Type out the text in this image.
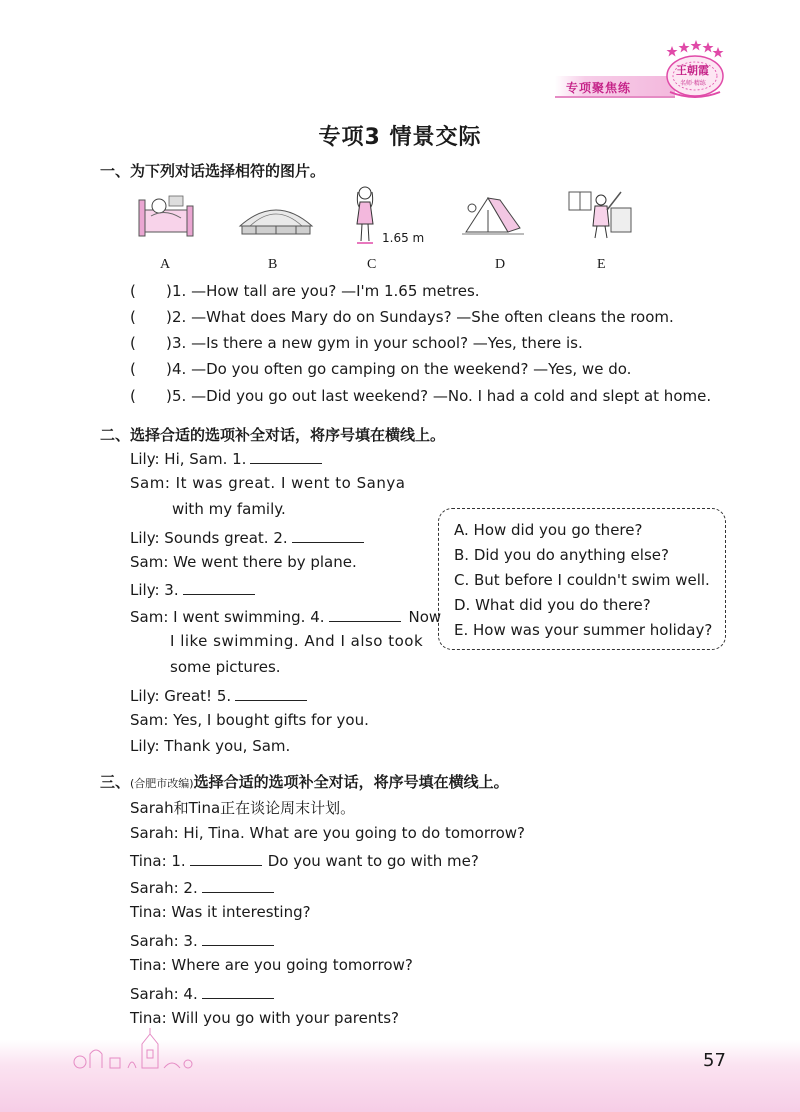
专项聚焦练
王朝霞
名师·精练
专项3 情景交际
一、为下列对话选择相符的图片。
1.65 m
A	B	C	D	E
( ) 1. —How tall are you? —I'm 1.65 metres.
( ) 2. —What does Mary do on Sundays? —She often cleans the room.
( ) 3. —Is there a new gym in your school? —Yes, there is.
( ) 4. —Do you often go camping on the weekend? —Yes, we do.
( ) 5. —Did you go out last weekend? —No. I had a cold and slept at home.
二、选择合适的选项补全对话，将序号填在横线上。
Lily: Hi, Sam. 1.
Sam: It was great. I went to Sanya
with my family.
Lily: Sounds great. 2.
Sam: We went there by plane.
Lily: 3.
Sam: I went swimming. 4.	Now
I like swimming. And I also took
some pictures.
Lily: Great! 5.
Sam: Yes, I bought gifts for you.
Lily: Thank you, Sam.
A. How did you go there?
B. Did you do anything else?
C. But before I couldn't swim well.
D. What did you do there?
E. How was your summer holiday?
三、(合肥市改编)选择合适的选项补全对话，将序号填在横线上。
Sarah和Tina正在谈论周末计划。
Sarah: Hi, Tina. What are you going to do tomorrow?
Tina: 1.	Do you want to go with me?
Sarah: 2.
Tina: Was it interesting?
Sarah: 3.
Tina: Where are you going tomorrow?
Sarah: 4.
Tina: Will you go with your parents?
57
